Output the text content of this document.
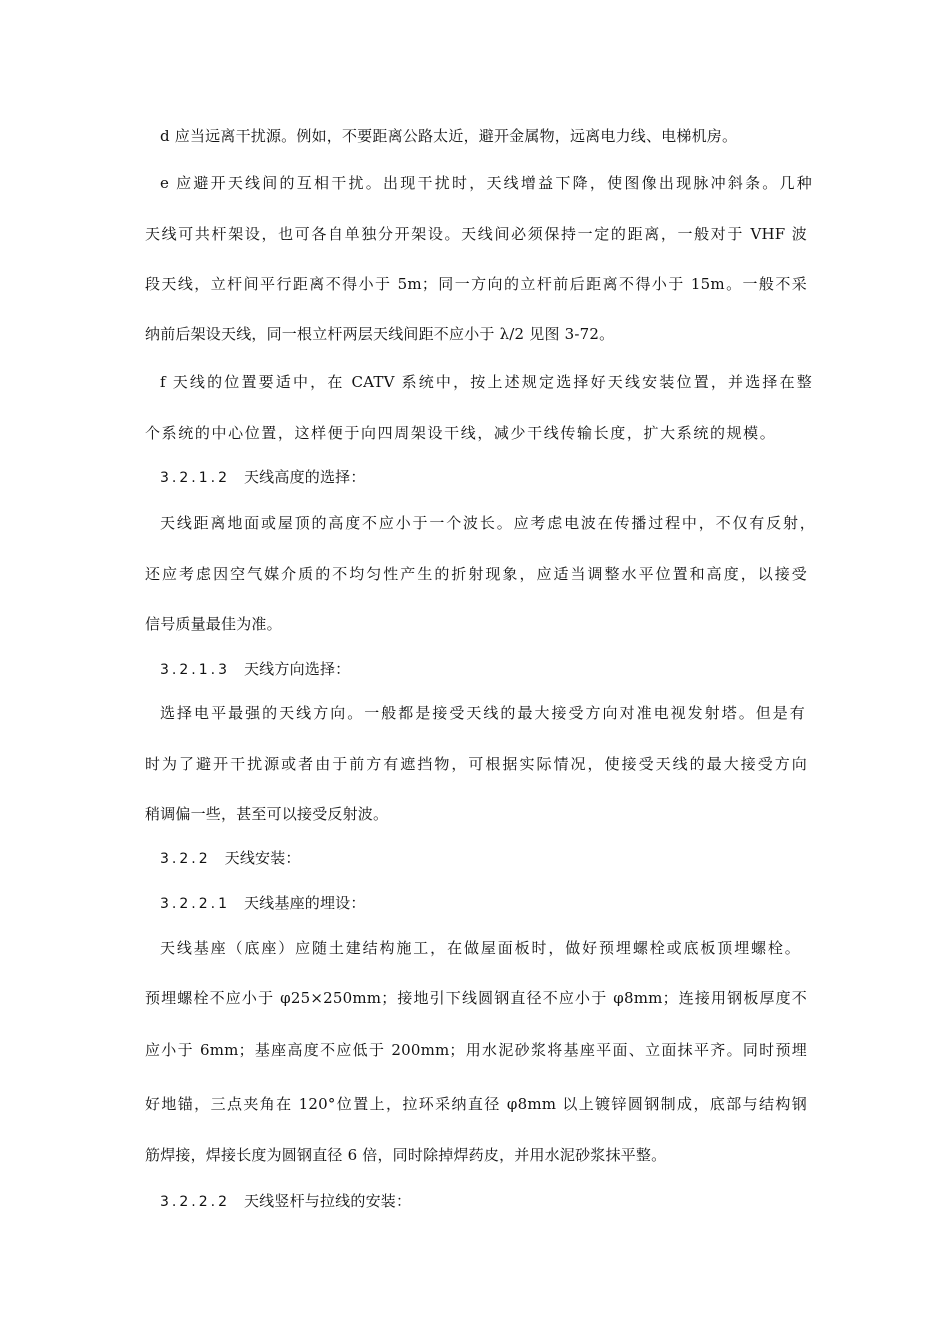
d 应当远离干扰源。例如，不要距离公路太近，避开金属物，远离电力线、电梯机房。
e 应避开天线间的互相干扰。出现干扰时，天线增益下降，使图像出现脉冲斜条。几种
天线可共杆架设，也可各自单独分开架设。天线间必须保持一定的距离，一般对于 VHF 波
段天线，立杆间平行距离不得小于 5m；同一方向的立杆前后距离不得小于 15m。一般不采
纳前后架设天线，同一根立杆两层天线间距不应小于 λ/2 见图 3-72。
f 天线的位置要适中，在 CATV 系统中，按上述规定选择好天线安装位置，并选择在整
个系统的中心位置，这样便于向四周架设干线，减少干线传输长度，扩大系统的规模。
3.2.1.2 天线高度的选择：
天线距离地面或屋顶的高度不应小于一个波长。应考虑电波在传播过程中，不仅有反射，
还应考虑因空气媒介质的不均匀性产生的折射现象，应适当调整水平位置和高度，以接受
信号质量最佳为准。
3.2.1.3 天线方向选择：
选择电平最强的天线方向。一般都是接受天线的最大接受方向对准电视发射塔。但是有
时为了避开干扰源或者由于前方有遮挡物，可根据实际情况，使接受天线的最大接受方向
稍调偏一些，甚至可以接受反射波。
3.2.2 天线安装：
3.2.2.1 天线基座的埋设：
天线基座（底座）应随土建结构施工，在做屋面板时，做好预埋螺栓或底板顶埋螺栓。
预埋螺栓不应小于 φ25×250mm；接地引下线圆钢直径不应小于 φ8mm；连接用钢板厚度不
应小于 6mm；基座高度不应低于 200mm；用水泥砂浆将基座平面、立面抹平齐。同时预埋
好地锚，三点夹角在 120°位置上，拉环采纳直径 φ8mm 以上镀锌圆钢制成，底部与结构钢
筋焊接，焊接长度为圆钢直径 6 倍，同时除掉焊药皮，并用水泥砂浆抹平整。
3.2.2.2 天线竖杆与拉线的安装：
